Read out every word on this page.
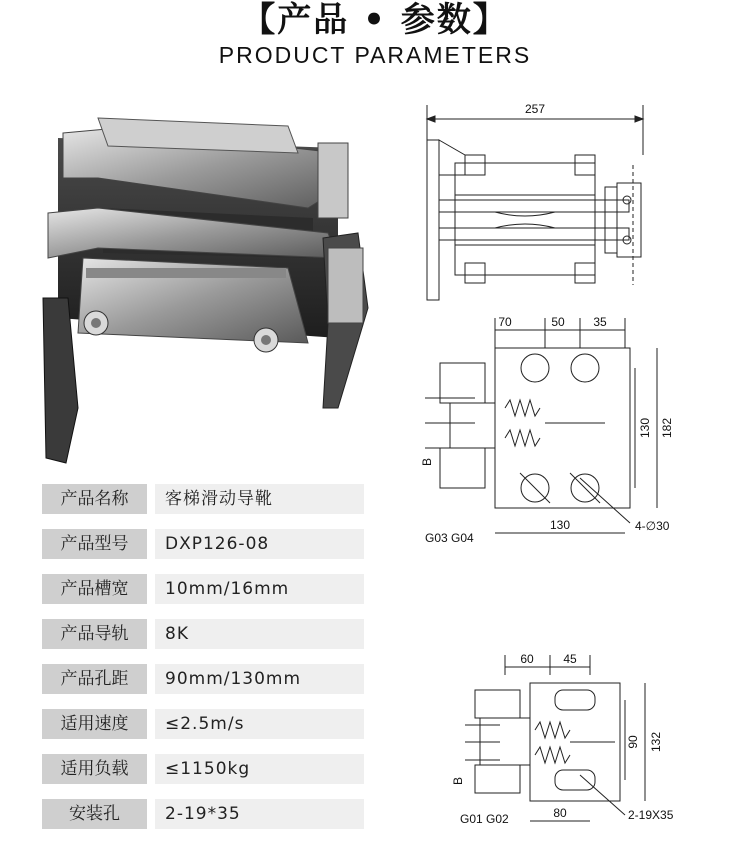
【产品 • 参数】
PRODUCT PARAMETERS
产品名称	客梯滑动导靴
产品型号	DXP126-08
产品槽宽	10mm/16mm
产品导轨	8K
产品孔距	90mm/130mm
适用速度	≤2.5m/s
适用负载	≤1150kg
安装孔	2-19*35
257
70	50 35
130 182
130	4-∅30
B
G03 G04
60 45
90 132
80	2-19X35
B
G01 G02
